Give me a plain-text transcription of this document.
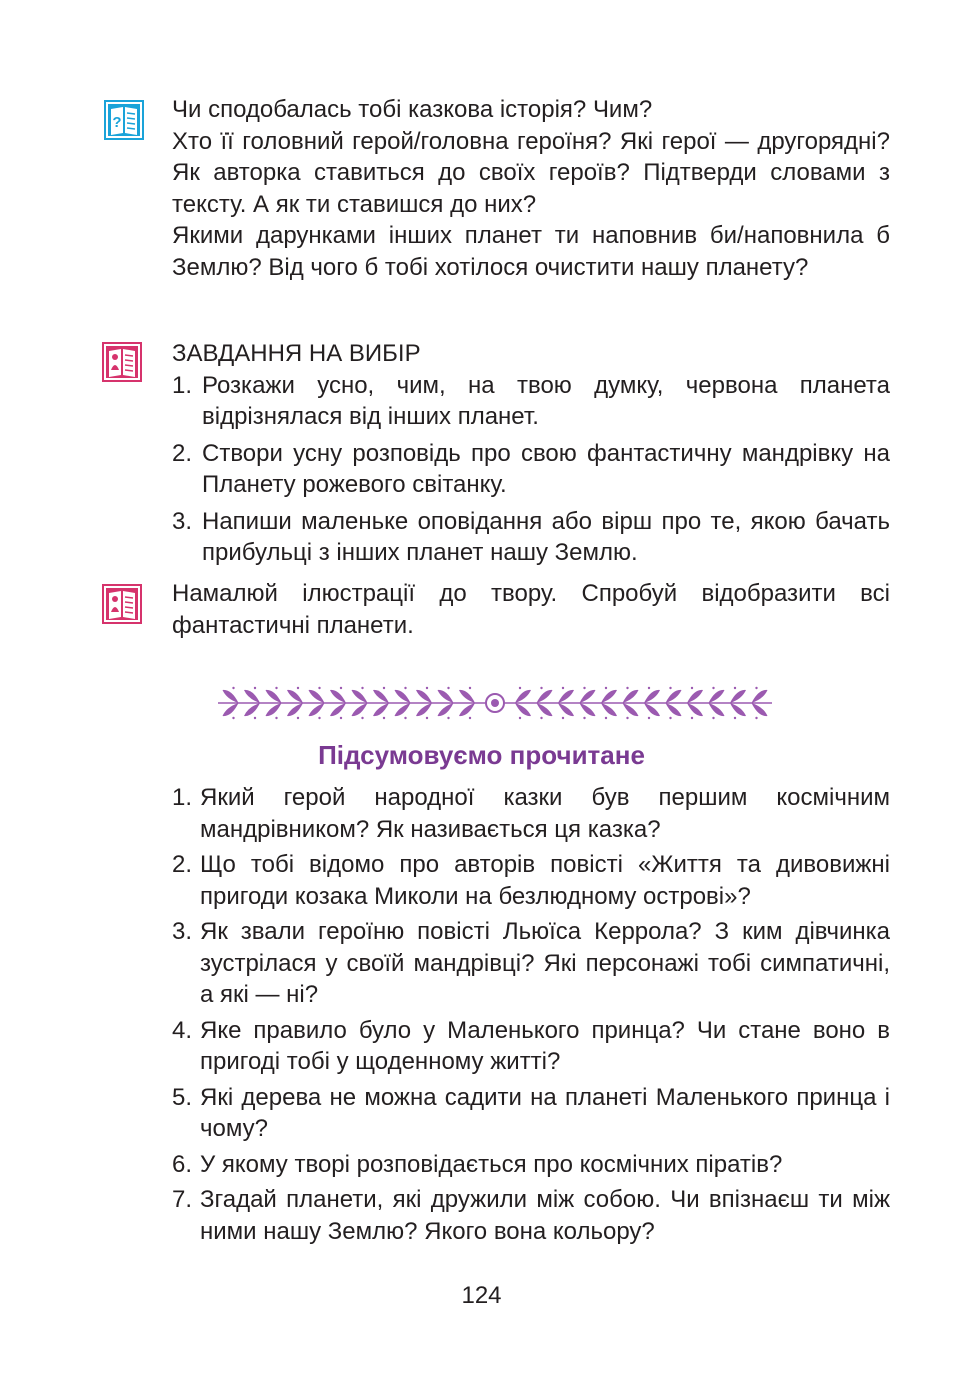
? Чи сподобалась тобі казкова історія? Чим?

Хто її головний герой/головна героїня? Які герої — другорядні? Як авторка ставиться до своїх героїв? Підтверди словами з тексту. А як ти ставишся до них?

Якими дарунками інших планет ти наповнив би/наповнила б Землю? Від чого б тобі хотілося очистити нашу планету?

ЗАВДАННЯ НА ВИБІР

1. Розкажи усно, чим, на твою думку, червона планета відрізнялася від інших планет.
2. Створи усну розповідь про свою фантастичну мандрівку на Планету рожевого світанку.
3. Напиши маленьке оповідання або вірш про те, якою бачать прибульці з інших планет нашу Землю.

Намалюй ілюстрації до твору. Спробуй відобразити всі фантастичні планети.

Підсумовуємо прочитане
1. Який герой народної казки був першим космічним мандрівником? Як називається ця казка?
2. Що тобі відомо про авторів повісті «Життя та дивовижні пригоди козака Миколи на безлюдному острові»?
3. Як звали героїню повісті Льюїса Керрола? З ким дівчинка зустрілася у своїй мандрівці? Які персонажі тобі симпатичні, а які — ні?
4. Яке правило було у Маленького принца? Чи стане воно в пригоді тобі у щоденному житті?
5. Які дерева не можна садити на планеті Маленького принца і чому?
6. У якому творі розповідається про космічних піратів?
7. Згадай планети, які дружили між собою. Чи впізнаєш ти між ними нашу Землю? Якого вона кольору?
124
